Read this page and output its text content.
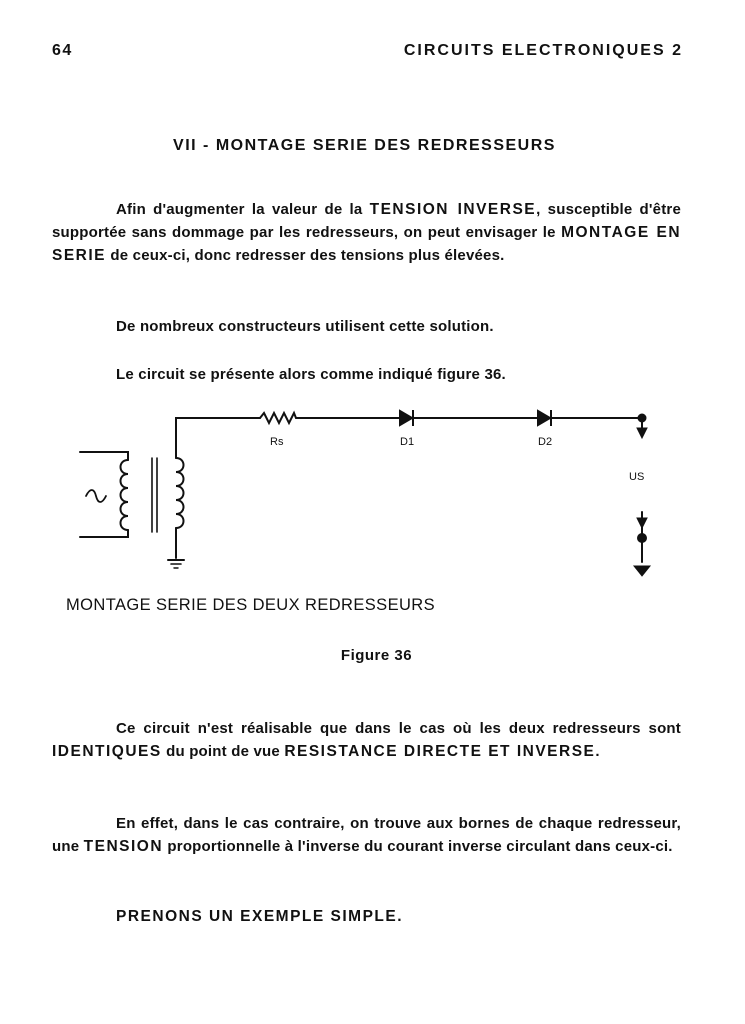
64	CIRCUITS ELECTRONIQUES 2
VII - MONTAGE SERIE DES REDRESSEURS
Afin d'augmenter la valeur de la TENSION INVERSE, susceptible d'être supportée sans dommage par les redresseurs, on peut envisager le MONTAGE EN SERIE de ceux-ci, donc redresser des tensions plus élevées.
De nombreux constructeurs utilisent cette solution.
Le circuit se présente alors comme indiqué figure 36.
Rs	D1	D2
US
MONTAGE SERIE DES DEUX REDRESSEURS
Figure 36
Ce circuit n'est réalisable que dans le cas où les deux redresseurs sont IDENTIQUES du point de vue RESISTANCE DIRECTE ET INVERSE.
En effet, dans le cas contraire, on trouve aux bornes de chaque redresseur, une TENSION proportionnelle à l'inverse du courant inverse circulant dans ceux-ci.
PRENONS UN EXEMPLE SIMPLE.
